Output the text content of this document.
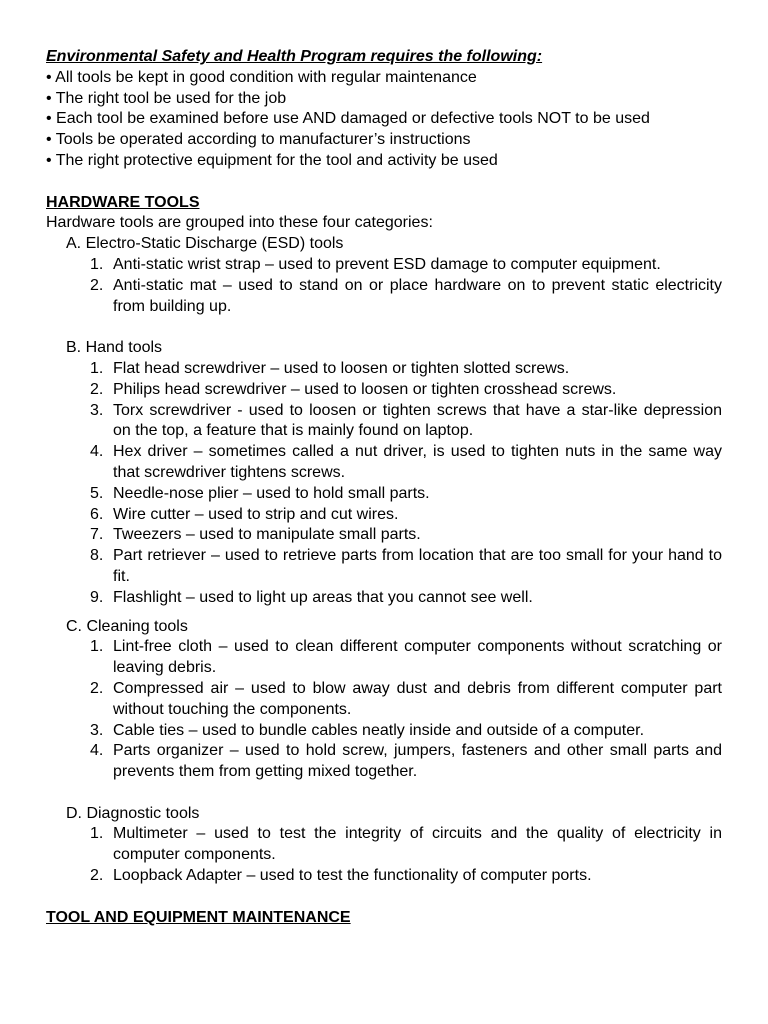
Environmental Safety and Health Program requires the following:

• All tools be kept in good condition with regular maintenance

• The right tool be used for the job

• Each tool be examined before use AND damaged or defective tools NOT to be used

• Tools be operated according to manufacturer’s instructions

• The right protective equipment for the tool and activity be used

HARDWARE TOOLS

Hardware tools are grouped into these four categories:

A. Electro-Static Discharge (ESD) tools

1. Anti-static wrist strap – used to prevent ESD damage to computer equipment.
2. Anti-static mat – used to stand on or place hardware on to prevent static electricity from building up.

B. Hand tools

1. Flat head screwdriver – used to loosen or tighten slotted screws.
2. Philips head screwdriver – used to loosen or tighten crosshead screws.
3. Torx screwdriver - used to loosen or tighten screws that have a star-like depression on the top, a feature that is mainly found on laptop.
4. Hex driver – sometimes called a nut driver, is used to tighten nuts in the same way that screwdriver tightens screws.
5. Needle-nose plier – used to hold small parts.
6. Wire cutter – used to strip and cut wires.
7. Tweezers – used to manipulate small parts.
8. Part retriever – used to retrieve parts from location that are too small for your hand to fit.
9. Flashlight – used to light up areas that you cannot see well.

C. Cleaning tools

1. Lint-free cloth – used to clean different computer components without scratching or leaving debris.
2. Compressed air – used to blow away dust and debris from different computer part without touching the components.
3. Cable ties – used to bundle cables neatly inside and outside of a computer.
4. Parts organizer – used to hold screw, jumpers, fasteners and other small parts and prevents them from getting mixed together.

D. Diagnostic tools

1. Multimeter – used to test the integrity of circuits and the quality of electricity in computer components.
2. Loopback Adapter – used to test the functionality of computer ports.

TOOL AND EQUIPMENT MAINTENANCE
